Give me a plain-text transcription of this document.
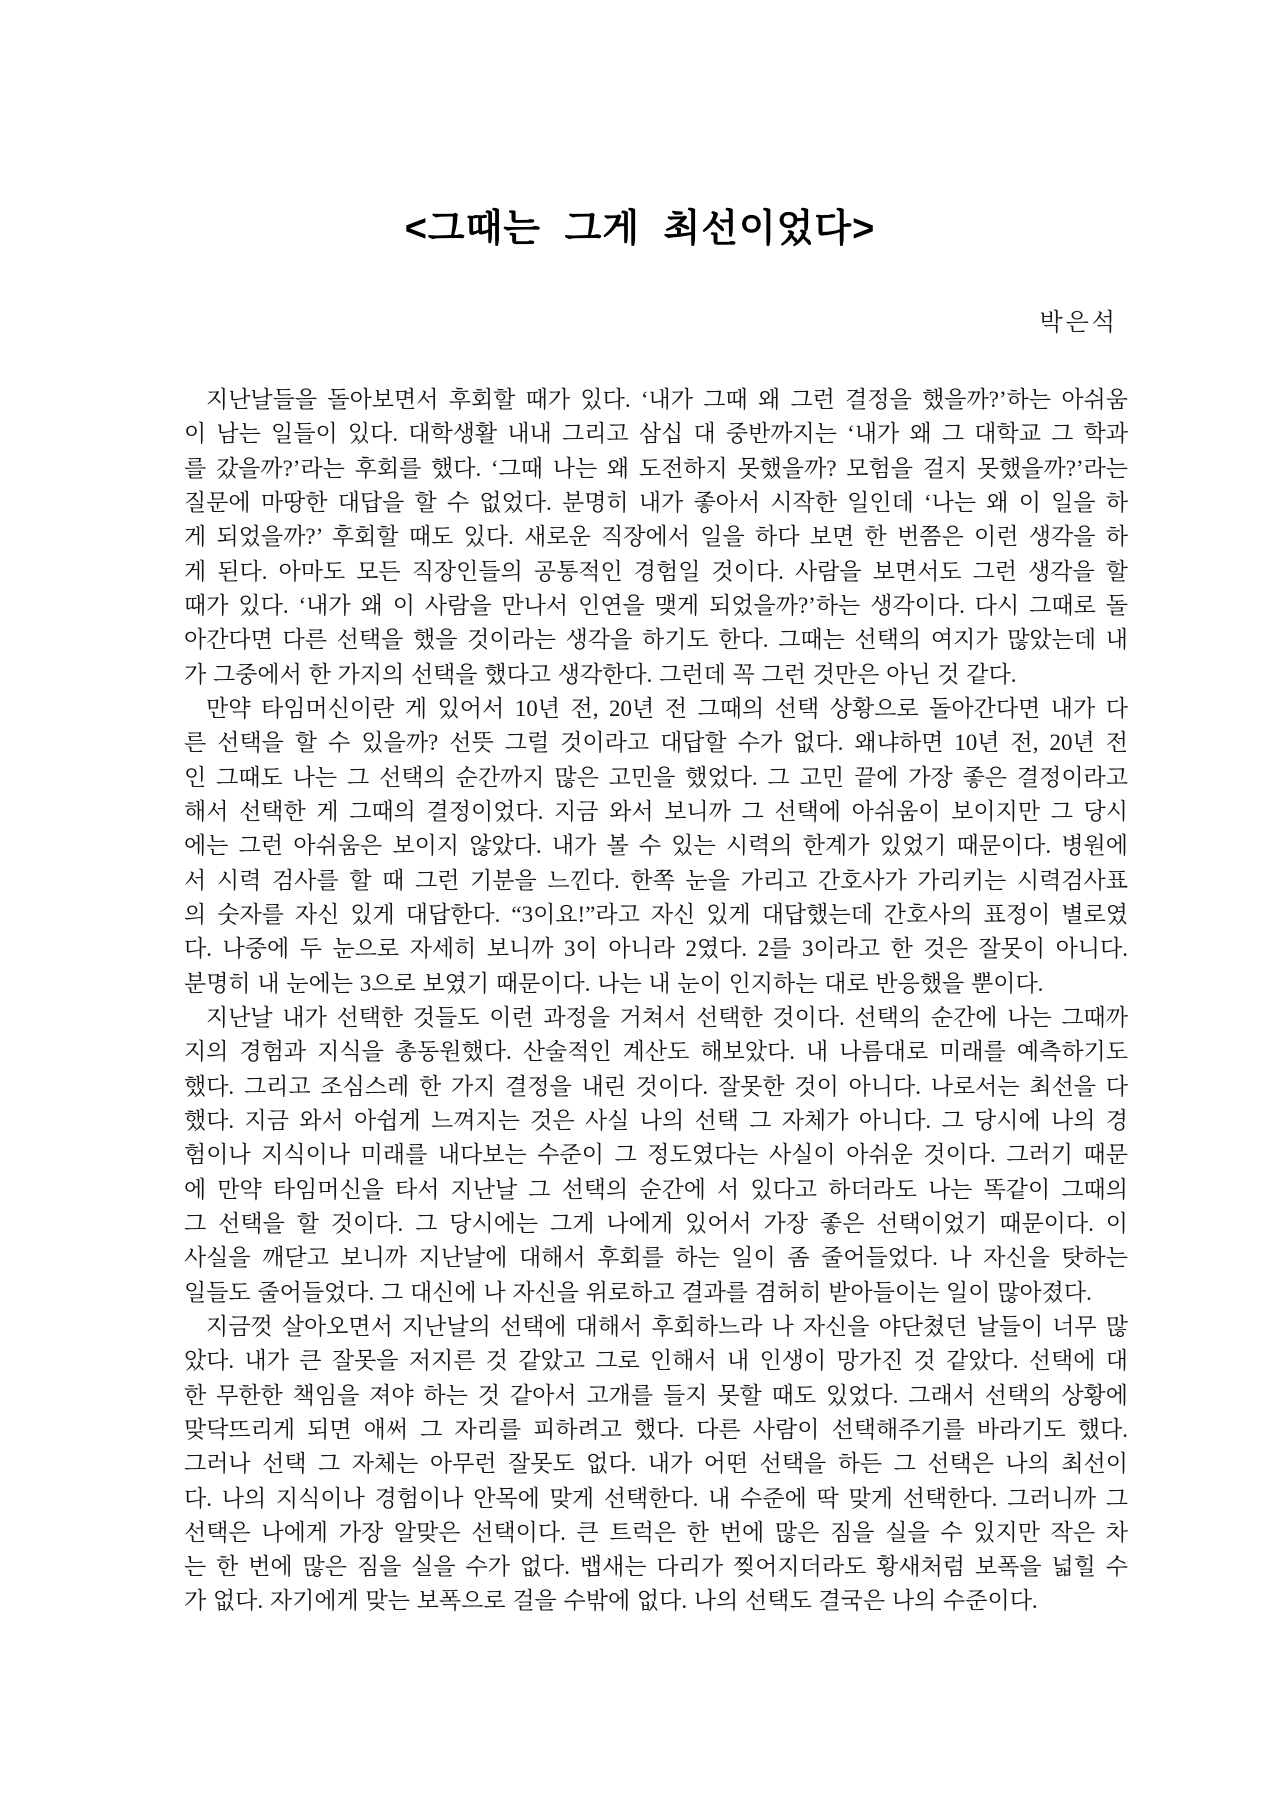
<그때는 그게 최선이었다>
박은석
지난날들을 돌아보면서 후회할 때가 있다. ‘내가 그때 왜 그런 결정을 했을까?’하는 아쉬움
이 남는 일들이 있다. 대학생활 내내 그리고 삼십 대 중반까지는 ‘내가 왜 그 대학교 그 학과
를 갔을까?’라는 후회를 했다. ‘그때 나는 왜 도전하지 못했을까? 모험을 걸지 못했을까?’라는
질문에 마땅한 대답을 할 수 없었다. 분명히 내가 좋아서 시작한 일인데 ‘나는 왜 이 일을 하
게 되었을까?’ 후회할 때도 있다. 새로운 직장에서 일을 하다 보면 한 번쯤은 이런 생각을 하
게 된다. 아마도 모든 직장인들의 공통적인 경험일 것이다. 사람을 보면서도 그런 생각을 할
때가 있다. ‘내가 왜 이 사람을 만나서 인연을 맺게 되었을까?’하는 생각이다. 다시 그때로 돌
아간다면 다른 선택을 했을 것이라는 생각을 하기도 한다. 그때는 선택의 여지가 많았는데 내
가 그중에서 한 가지의 선택을 했다고 생각한다. 그런데 꼭 그런 것만은 아닌 것 같다.
만약 타임머신이란 게 있어서 10년 전, 20년 전 그때의 선택 상황으로 돌아간다면 내가 다
른 선택을 할 수 있을까? 선뜻 그럴 것이라고 대답할 수가 없다. 왜냐하면 10년 전, 20년 전
인 그때도 나는 그 선택의 순간까지 많은 고민을 했었다. 그 고민 끝에 가장 좋은 결정이라고
해서 선택한 게 그때의 결정이었다. 지금 와서 보니까 그 선택에 아쉬움이 보이지만 그 당시
에는 그런 아쉬움은 보이지 않았다. 내가 볼 수 있는 시력의 한계가 있었기 때문이다. 병원에
서 시력 검사를 할 때 그런 기분을 느낀다. 한쪽 눈을 가리고 간호사가 가리키는 시력검사표
의 숫자를 자신 있게 대답한다. “3이요!”라고 자신 있게 대답했는데 간호사의 표정이 별로였
다. 나중에 두 눈으로 자세히 보니까 3이 아니라 2였다. 2를 3이라고 한 것은 잘못이 아니다.
분명히 내 눈에는 3으로 보였기 때문이다. 나는 내 눈이 인지하는 대로 반응했을 뿐이다.
지난날 내가 선택한 것들도 이런 과정을 거쳐서 선택한 것이다. 선택의 순간에 나는 그때까
지의 경험과 지식을 총동원했다. 산술적인 계산도 해보았다. 내 나름대로 미래를 예측하기도
했다. 그리고 조심스레 한 가지 결정을 내린 것이다. 잘못한 것이 아니다. 나로서는 최선을 다
했다. 지금 와서 아쉽게 느껴지는 것은 사실 나의 선택 그 자체가 아니다. 그 당시에 나의 경
험이나 지식이나 미래를 내다보는 수준이 그 정도였다는 사실이 아쉬운 것이다. 그러기 때문
에 만약 타임머신을 타서 지난날 그 선택의 순간에 서 있다고 하더라도 나는 똑같이 그때의
그 선택을 할 것이다. 그 당시에는 그게 나에게 있어서 가장 좋은 선택이었기 때문이다. 이
사실을 깨닫고 보니까 지난날에 대해서 후회를 하는 일이 좀 줄어들었다. 나 자신을 탓하는
일들도 줄어들었다. 그 대신에 나 자신을 위로하고 결과를 겸허히 받아들이는 일이 많아졌다.
지금껏 살아오면서 지난날의 선택에 대해서 후회하느라 나 자신을 야단쳤던 날들이 너무 많
았다. 내가 큰 잘못을 저지른 것 같았고 그로 인해서 내 인생이 망가진 것 같았다. 선택에 대
한 무한한 책임을 져야 하는 것 같아서 고개를 들지 못할 때도 있었다. 그래서 선택의 상황에
맞닥뜨리게 되면 애써 그 자리를 피하려고 했다. 다른 사람이 선택해주기를 바라기도 했다.
그러나 선택 그 자체는 아무런 잘못도 없다. 내가 어떤 선택을 하든 그 선택은 나의 최선이
다. 나의 지식이나 경험이나 안목에 맞게 선택한다. 내 수준에 딱 맞게 선택한다. 그러니까 그
선택은 나에게 가장 알맞은 선택이다. 큰 트럭은 한 번에 많은 짐을 실을 수 있지만 작은 차
는 한 번에 많은 짐을 실을 수가 없다. 뱁새는 다리가 찢어지더라도 황새처럼 보폭을 넓힐 수
가 없다. 자기에게 맞는 보폭으로 걸을 수밖에 없다. 나의 선택도 결국은 나의 수준이다.
